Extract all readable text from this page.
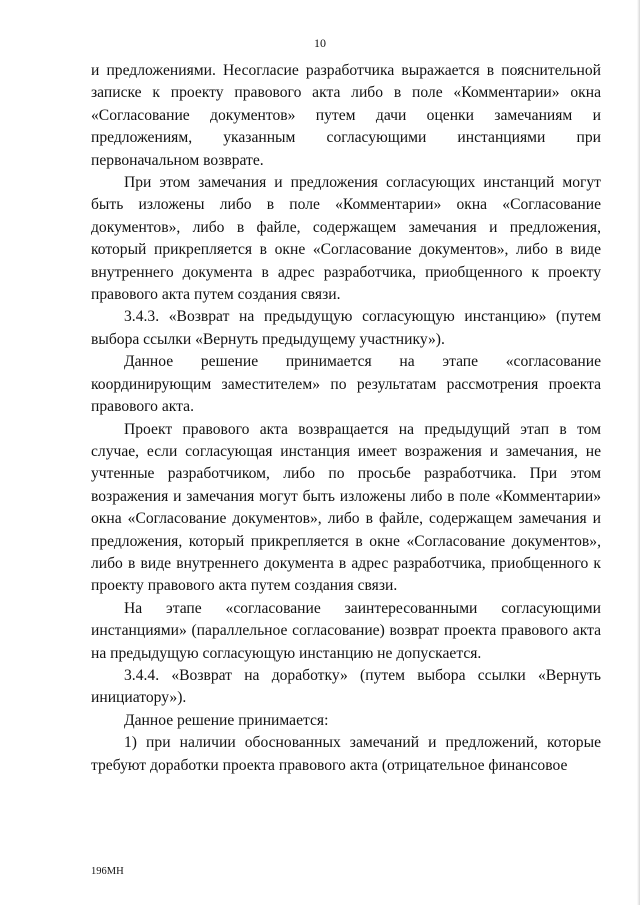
10

и предложениями. Несогласие разработчика выражается в пояснительной записке к проекту правового акта либо в поле «Комментарии» окна «Согласование документов» путем дачи оценки замечаниям и предложениям, указанным согласующими инстанциями при первоначальном возврате.

При этом замечания и предложения согласующих инстанций могут быть изложены либо в поле «Комментарии» окна «Согласование документов», либо в файле, содержащем замечания и предложения, который прикрепляется в окне «Согласование документов», либо в виде внутреннего документа в адрес разработчика, приобщенного к проекту правового акта путем создания связи.

3.4.3. «Возврат на предыдущую согласующую инстанцию» (путем выбора ссылки «Вернуть предыдущему участнику»).

Данное решение принимается на этапе «согласование координирующим заместителем» по результатам рассмотрения проекта правового акта.

Проект правового акта возвращается на предыдущий этап в том случае, если согласующая инстанция имеет возражения и замечания, не учтенные разработчиком, либо по просьбе разработчика. При этом возражения и замечания могут быть изложены либо в поле «Комментарии» окна «Согласование документов», либо в файле, содержащем замечания и предложения, который прикрепляется в окне «Согласование документов», либо в виде внутреннего документа в адрес разработчика, приобщенного к проекту правового акта путем создания связи.

На этапе «согласование заинтересованными согласующими инстанциями» (параллельное согласование) возврат проекта правового акта на предыдущую согласующую инстанцию не допускается.

3.4.4. «Возврат на доработку» (путем выбора ссылки «Вернуть инициатору»).

Данное решение принимается:

1) при наличии обоснованных замечаний и предложений, которые требуют доработки проекта правового акта (отрицательное финансовое

196МН
